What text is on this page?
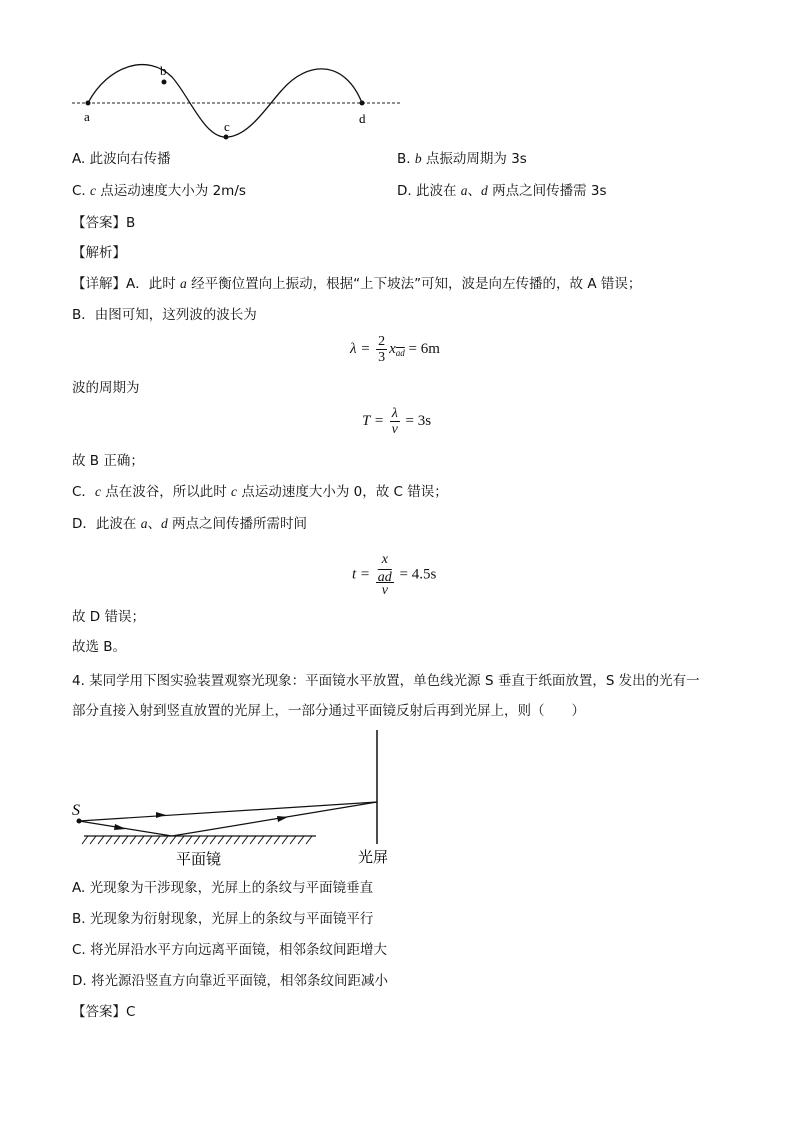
a
b
c
d
A. 此波向右传播	B. b 点振动周期为 3s
C. c 点运动速度大小为 2m/s	D. 此波在 a、d 两点之间传播需 3s
【答案】B
【解析】
【详解】A．此时 a 经平衡位置向上振动，根据“上下坡法”可知，波是向左传播的，故 A 错误；
B．由图可知，这列波的波长为
$\lambda = \frac{2}{3} x_{\overline{ad}} = 6m$
波的周期为
$T = \frac{\lambda}{v} = 3s$
故 B 正确；
C．c 点在波谷，所以此时 c 点运动速度大小为 0，故 C 错误；
D．此波在 a、d 两点之间传播所需时间
t = x
$\overline{ad}$
v = 4.5s
故 D 错误；
故选 B。
4. 某同学用下图实验装置观察光现象：平面镜水平放置，单色线光源 S 垂直于纸面放置，S 发出的光有一
部分直接入射到竖直放置的光屏上，一部分通过平面镜反射后再到光屏上，则（　　）
S
平面镜	光屏
A. 光现象为干涉现象，光屏上的条纹与平面镜垂直
B. 光现象为衍射现象，光屏上的条纹与平面镜平行
C. 将光屏沿水平方向远离平面镜，相邻条纹间距增大
D. 将光源沿竖直方向靠近平面镜，相邻条纹间距减小
【答案】C
